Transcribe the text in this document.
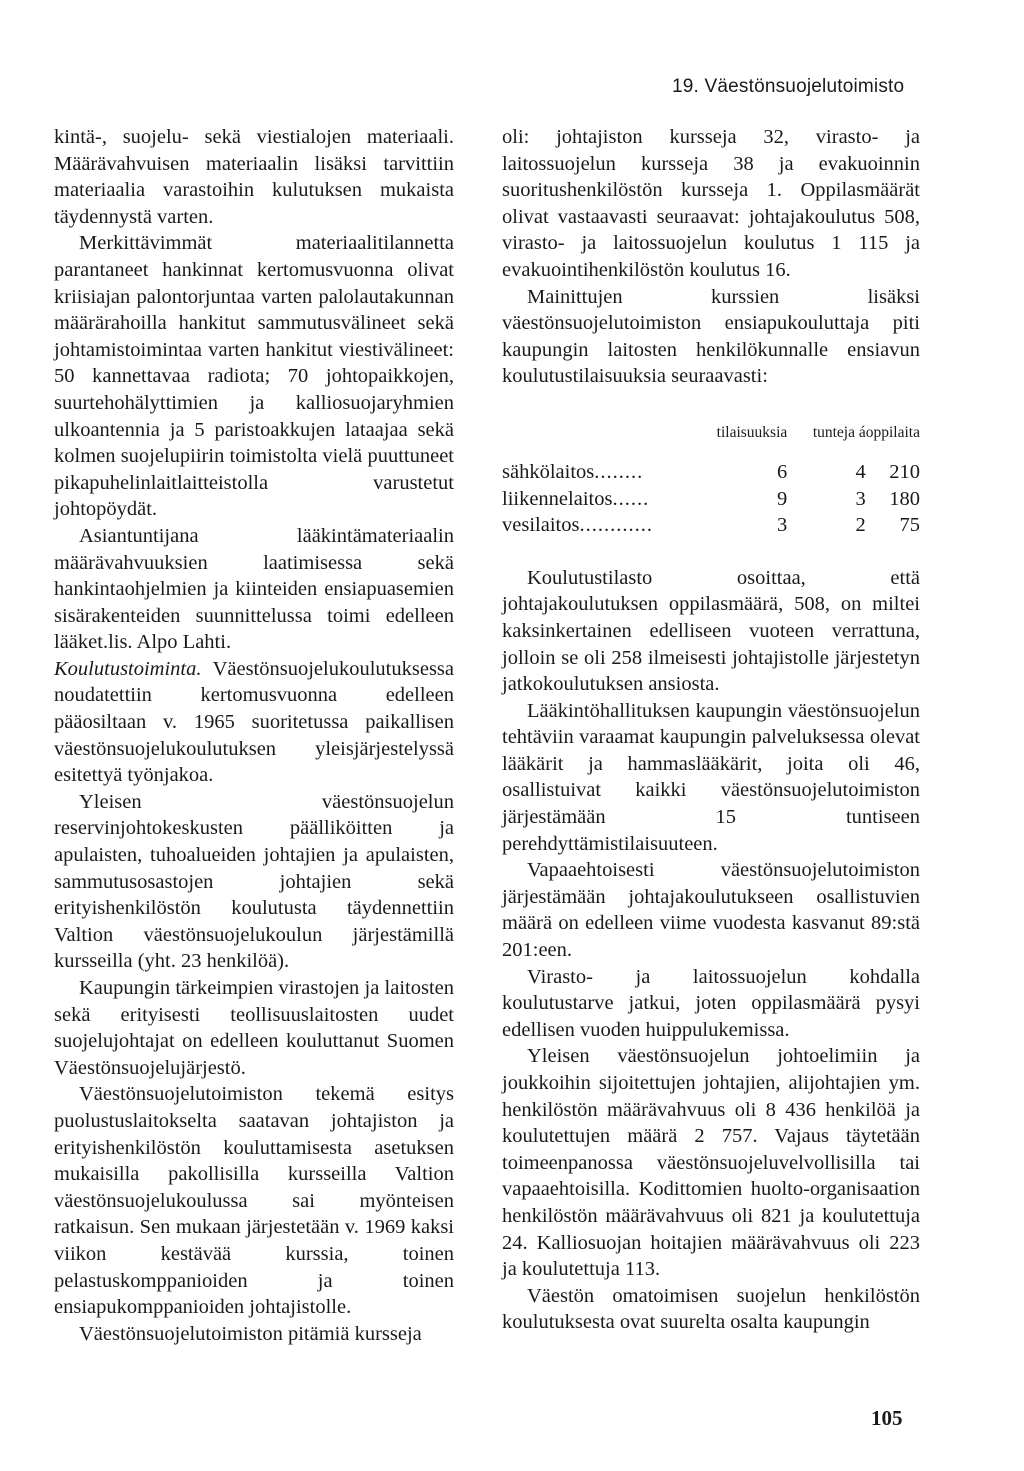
19. Väestönsuojelutoimisto

kintä-, suojelu- sekä viestialojen materiaali. Määrävahvuisen materiaalin lisäksi tarvittiin materiaalia varastoihin kulutuksen mukaista täydennystä varten.

Merkittävimmät materiaalitilannetta parantaneet hankinnat kertomusvuonna olivat kriisiajan palontorjuntaa varten palolautakunnan määrärahoilla hankitut sammutusvälineet sekä johtamistoimintaa varten hankitut viestivälineet: 50 kannettavaa radiota; 70 johtopaikkojen, suurtehohälyttimien ja kalliosuojaryhmien ulkoantennia ja 5 paristoakkujen lataajaa sekä kolmen suojelupiirin toimistolta vielä puuttuneet pikapuhelinlaitlaitteistolla varustetut johtopöydät.

Asiantuntijana lääkintämateriaalin määrävahvuuksien laatimisessa sekä hankintaohjelmien ja kiinteiden ensiapuasemien sisärakenteiden suunnittelussa toimi edelleen lääket.lis. Alpo Lahti.

Koulutustoiminta. Väestönsuojelukoulutuksessa noudatettiin kertomusvuonna edelleen pääosiltaan v. 1965 suoritetussa paikallisen väestönsuojelukoulutuksen yleisjärjestelyssä esitettyä työnjakoa.

Yleisen väestönsuojelun reservinjohtokeskusten päälliköitten ja apulaisten, tuhoalueiden johtajien ja apulaisten, sammutusosastojen johtajien sekä erityishenkilöstön koulutusta täydennettiin Valtion väestönsuojelukoulun järjestämillä kursseilla (yht. 23 henkilöä).

Kaupungin tärkeimpien virastojen ja laitosten sekä erityisesti teollisuuslaitosten uudet suojelujohtajat on edelleen kouluttanut Suomen Väestönsuojelujärjestö.

Väestönsuojelutoimiston tekemä esitys puolustuslaitokselta saatavan johtajiston ja erityishenkilöstön kouluttamisesta asetuksen mukaisilla pakollisilla kursseilla Valtion väestönsuojelukoulussa sai myönteisen ratkaisun. Sen mukaan järjestetään v. 1969 kaksi viikon kestävää kurssia, toinen pelastuskomppanioiden ja toinen ensiapukomppanioiden johtajistolle.

Väestönsuojelutoimiston pitämiä kursseja

oli: johtajiston kursseja 32, virasto- ja laitossuojelun kursseja 38 ja evakuoinnin suoritushenkilöstön kursseja 1. Oppilasmäärät olivat vastaavasti seuraavat: johtajakoulutus 508, virasto- ja laitossuojelun koulutus 1 115 ja evakuointihenkilöstön koulutus 16.

Mainittujen kurssien lisäksi väestönsuojelutoimiston ensiapukouluttaja piti kaupungin laitosten henkilökunnalle ensiavun koulutustilaisuuksia seuraavasti:

	tilaisuuksia	tunteja á	oppilaita
sähkölaitos........	6	4	210
liikennelaitos......	9	3	180
vesilaitos............	3	2	75

Koulutustilasto osoittaa, että johtajakoulutuksen oppilasmäärä, 508, on miltei kaksinkertainen edelliseen vuoteen verrattuna, jolloin se oli 258 ilmeisesti johtajistolle järjestetyn jatkokoulutuksen ansiosta.

Lääkintöhallituksen kaupungin väestönsuojelun tehtäviin varaamat kaupungin palveluksessa olevat lääkärit ja hammaslääkärit, joita oli 46, osallistuivat kaikki väestönsuojelutoimiston järjestämään 15 tuntiseen perehdyttämistilaisuuteen.

Vapaaehtoisesti väestönsuojelutoimiston järjestämään johtajakoulutukseen osallistuvien määrä on edelleen viime vuodesta kasvanut 89:stä 201:een.

Virasto- ja laitossuojelun kohdalla koulutustarve jatkui, joten oppilasmäärä pysyi edellisen vuoden huippulukemissa.

Yleisen väestönsuojelun johtoelimiin ja joukkoihin sijoitettujen johtajien, alijohtajien ym. henkilöstön määrävahvuus oli 8 436 henkilöä ja koulutettujen määrä 2 757. Vajaus täytetään toimeenpanossa väestönsuojeluvelvollisilla tai vapaaehtoisilla. Kodittomien huolto-organisaation henkilöstön määrävahvuus oli 821 ja koulutettuja 24. Kalliosuojan hoitajien määrävahvuus oli 223 ja koulutettuja 113.

Väestön omatoimisen suojelun henkilöstön koulutuksesta ovat suurelta osalta kaupungin

105
